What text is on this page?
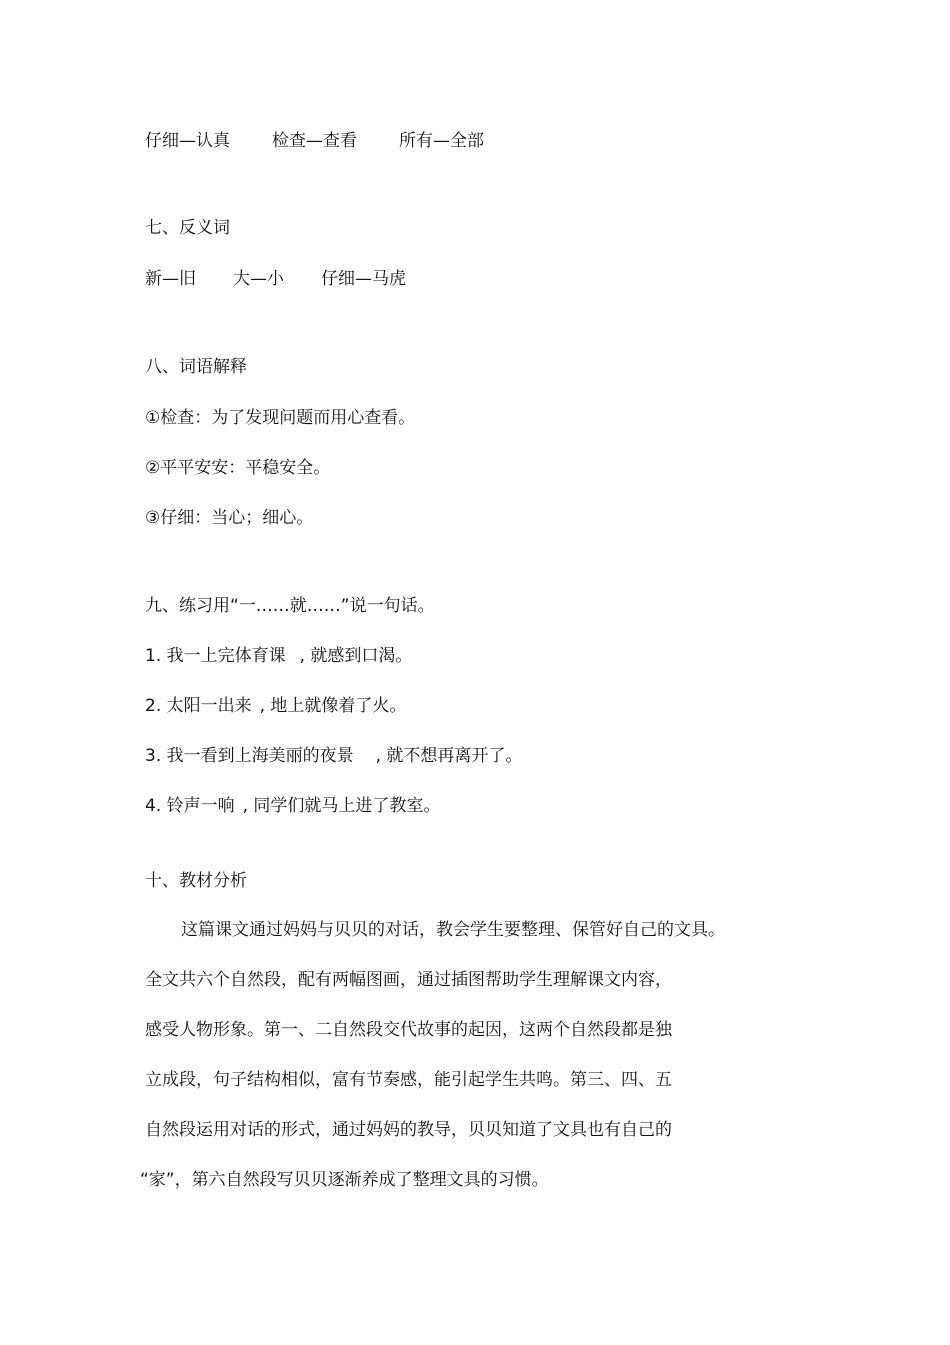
仔细—认真 检查—查看 所有—全部

七、反义词

新—旧 大—小 仔细—马虎

八、词语解释

①检查：为了发现问题而用心查看。

②平平安安：平稳安全。

③仔细：当心；细心。

九、练习用“一……就……”说一句话。

1. 我一上完体育课 , 就感到口渴。

2. 太阳一出来 , 地上就像着了火。

3. 我一看到上海美丽的夜景 , 就不想再离开了。

4. 铃声一响 , 同学们就马上进了教室。

十、教材分析

这篇课文通过妈妈与贝贝的对话，教会学生要整理、保管好自己的文具。

全文共六个自然段，配有两幅图画，通过插图帮助学生理解课文内容，

感受人物形象。第一、二自然段交代故事的起因，这两个自然段都是独

立成段，句子结构相似，富有节奏感，能引起学生共鸣。第三、四、五

自然段运用对话的形式，通过妈妈的教导，贝贝知道了文具也有自己的

“家”，第六自然段写贝贝逐渐养成了整理文具的习惯。
